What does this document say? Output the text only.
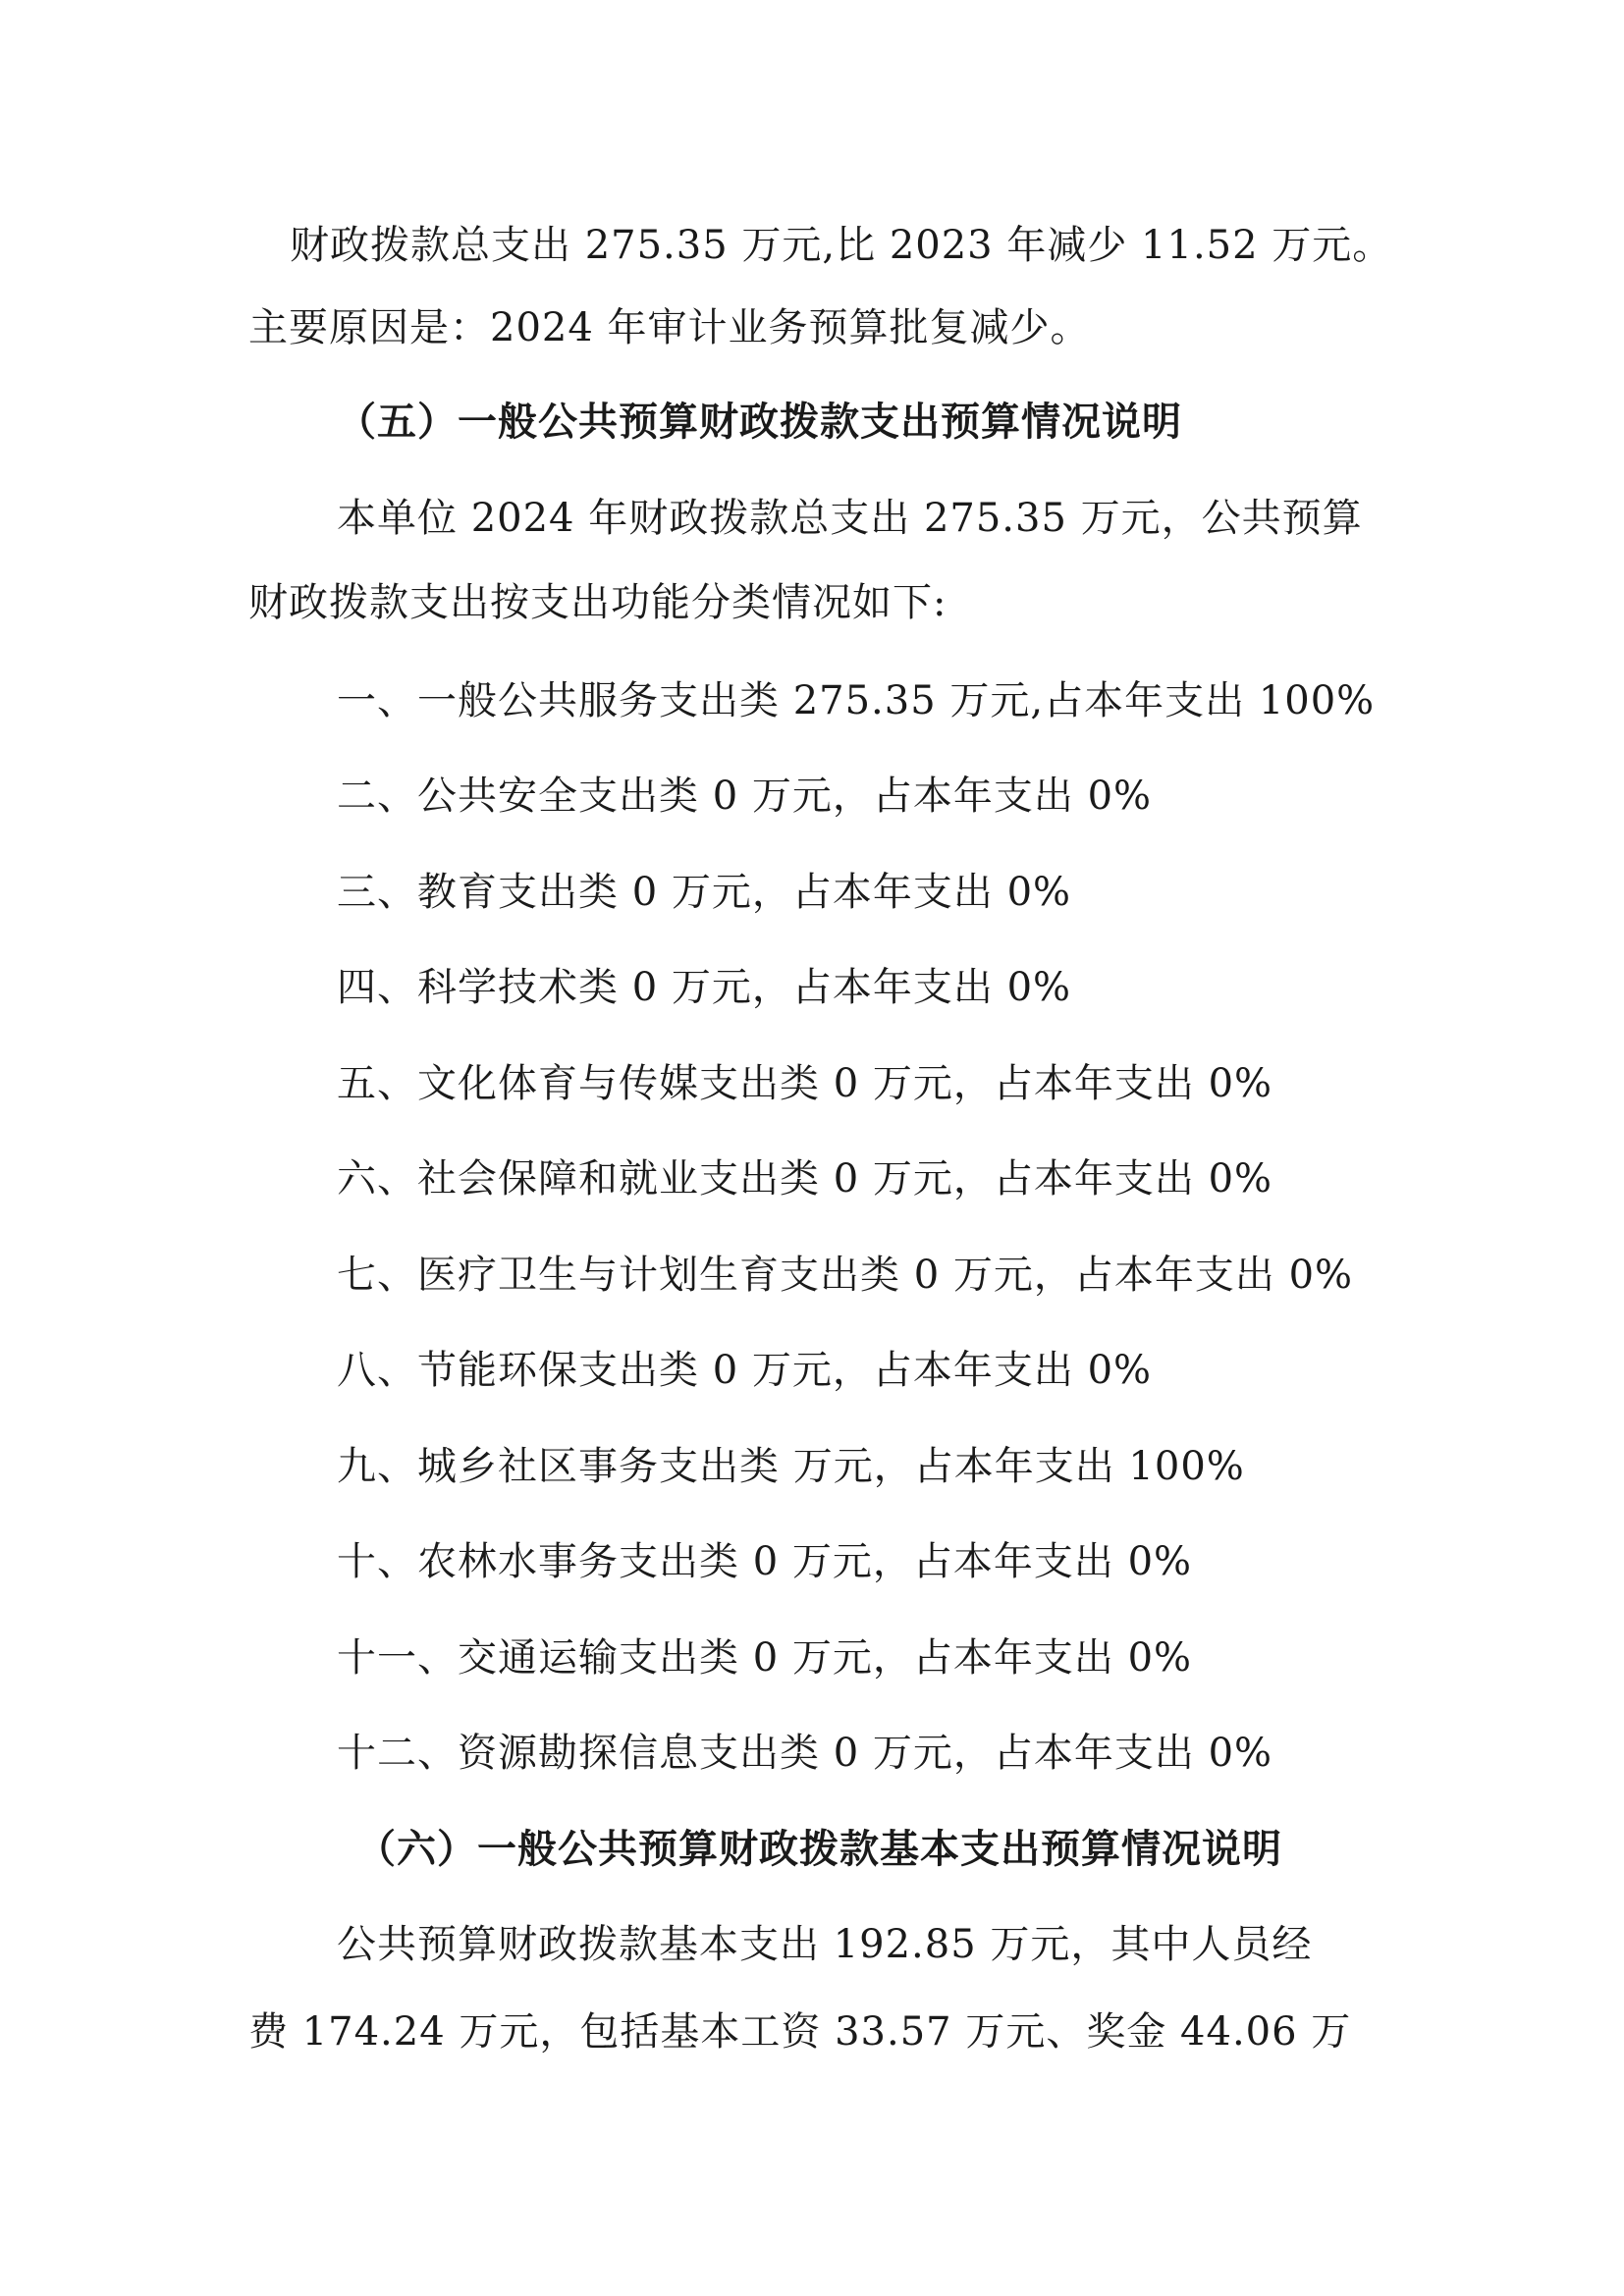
财政拨款总支出 275.35 万元,比 2023 年减少 11.52 万元。

主要原因是：2024 年审计业务预算批复减少。

（五）一般公共预算财政拨款支出预算情况说明

本单位 2024 年财政拨款总支出 275.35 万元，公共预算

财政拨款支出按支出功能分类情况如下:

一、一般公共服务支出类 275.35 万元,占本年支出 100%

二、公共安全支出类 0 万元，占本年支出 0%

三、教育支出类 0 万元，占本年支出 0%

四、科学技术类 0 万元，占本年支出 0%

五、文化体育与传媒支出类 0 万元，占本年支出 0%

六、社会保障和就业支出类 0 万元，占本年支出 0%

七、医疗卫生与计划生育支出类 0 万元，占本年支出 0%

八、节能环保支出类 0 万元，占本年支出 0%

九、城乡社区事务支出类 万元，占本年支出 100%

十、农林水事务支出类 0 万元，占本年支出 0%

十一、交通运输支出类 0 万元，占本年支出 0%

十二、资源勘探信息支出类 0 万元，占本年支出 0%

（六）一般公共预算财政拨款基本支出预算情况说明

公共预算财政拨款基本支出 192.85 万元，其中人员经

费 174.24 万元，包括基本工资 33.57 万元、奖金 44.06 万
